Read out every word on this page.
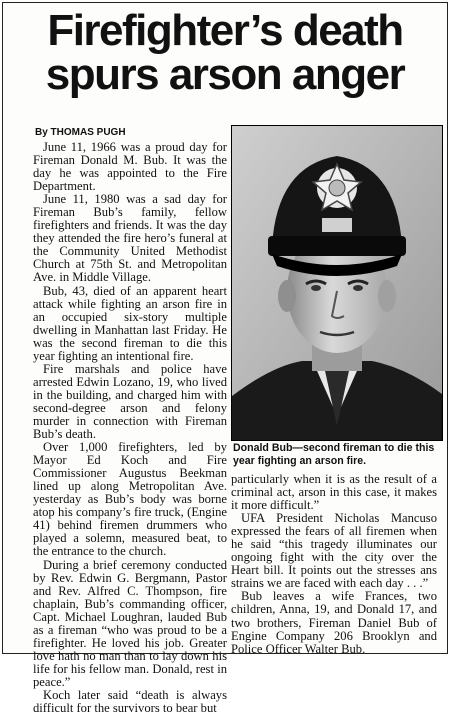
Firefighter’s death
spurs arson anger
By THOMAS PUGH

June 11, 1966 was a proud day for Fireman Donald M. Bub. It was the day he was appointed to the Fire Department.

June 11, 1980 was a sad day for Fireman Bub’s family, fellow firefighters and friends. It was the day they attended the fire hero’s funeral at the Community United Methodist Church at 75th St. and Metropolitan Ave. in Middle Village.

Bub, 43, died of an apparent heart attack while fighting an arson fire in an occupied six-story multiple dwelling in Manhattan last Friday. He was the second fireman to die this year fighting an intentional fire.

Fire marshals and police have arrested Edwin Lozano, 19, who lived in the building, and charged him with second-degree arson and felony murder in connection with Fireman Bub’s death.

Over 1,000 firefighters, led by Mayor Ed Koch and Fire Commissioner Augustus Beekman lined up along Metropolitan Ave. yesterday as Bub’s body was borne atop his company’s fire truck, (Engine 41) behind firemen drummers who played a solemn, measured beat, to the entrance to the church.

During a brief ceremony conducted by Rev. Edwin G. Bergmann, Pastor and Rev. Alfred C. Thompson, fire chaplain, Bub’s commanding officer, Capt. Michael Loughran, lauded Bub as a fireman “who was proud to be a firefighter. He loved his job. Greater love hath no man than to lay down his life for his fellow man. Donald, rest in peace.”

Koch later said “death is always difficult for the survivors to bear but

Donald Bub—second fireman to die this year fighting an arson fire.

particularly when it is as the result of a criminal act, arson in this case, it makes it more difficult.”

UFA President Nicholas Mancuso expressed the fears of all firemen when he said “this tragedy illuminates our ongoing fight with the city over the Heart bill. It points out the stresses ans strains we are faced with each day . . .”

Bub leaves a wife Frances, two children, Anna, 19, and Donald 17, and two brothers, Fireman Daniel Bub of Engine Company 206 Brooklyn and Police Officer Walter Bub.
